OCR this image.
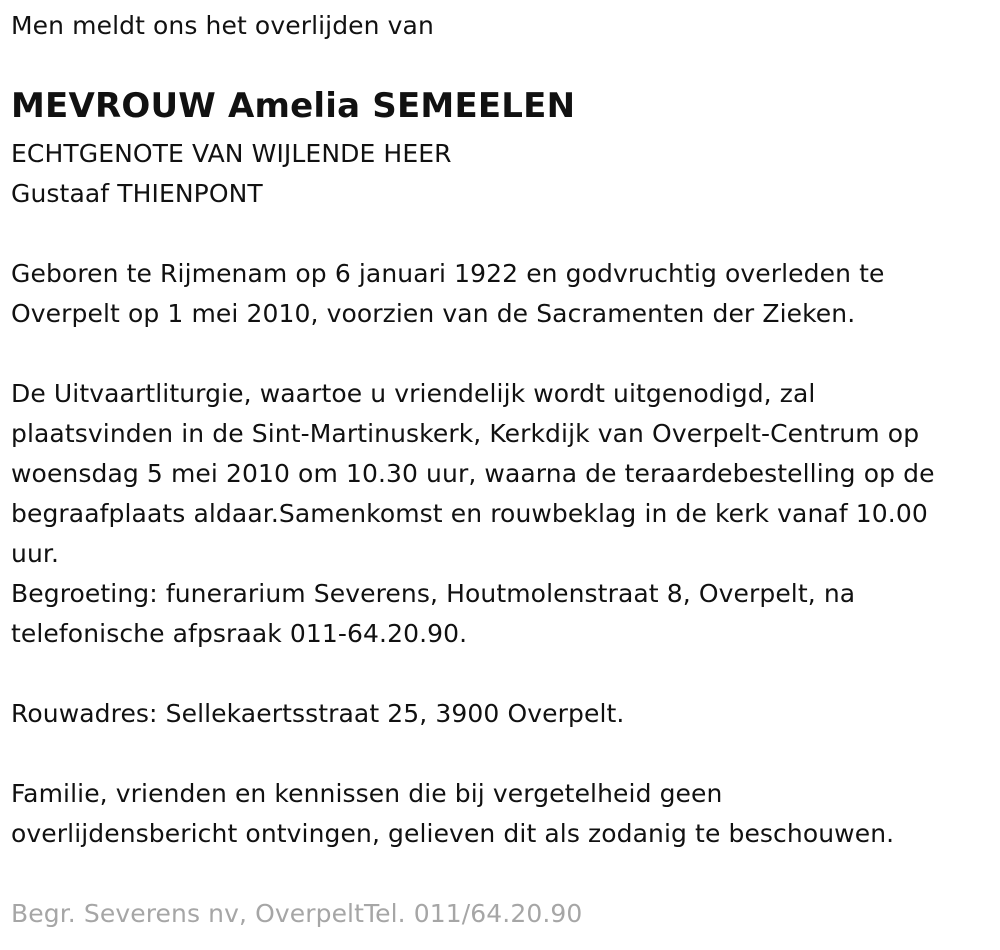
Men meldt ons het overlijden van
MEVROUW Amelia SEMEELEN
ECHTGENOTE VAN WIJLENDE HEER
Gustaaf THIENPONT
Geboren te Rijmenam op 6 januari 1922 en godvruchtig overleden te
Overpelt op 1 mei 2010, voorzien van de Sacramenten der Zieken.
De Uitvaartliturgie, waartoe u vriendelijk wordt uitgenodigd, zal
plaatsvinden in de Sint-Martinuskerk, Kerkdijk van Overpelt-Centrum op
woensdag 5 mei 2010 om 10.30 uur, waarna de teraardebestelling op de
begraafplaats aldaar.Samenkomst en rouwbeklag in de kerk vanaf 10.00
uur.
Begroeting: funerarium Severens, Houtmolenstraat 8, Overpelt, na
telefonische afpsraak 011-64.20.90.
Rouwadres: Sellekaertsstraat 25, 3900 Overpelt.
Familie, vrienden en kennissen die bij vergetelheid geen
overlijdensbericht ontvingen, gelieven dit als zodanig te beschouwen.
Begr. Severens nv, OverpeltTel. 011/64.20.90
